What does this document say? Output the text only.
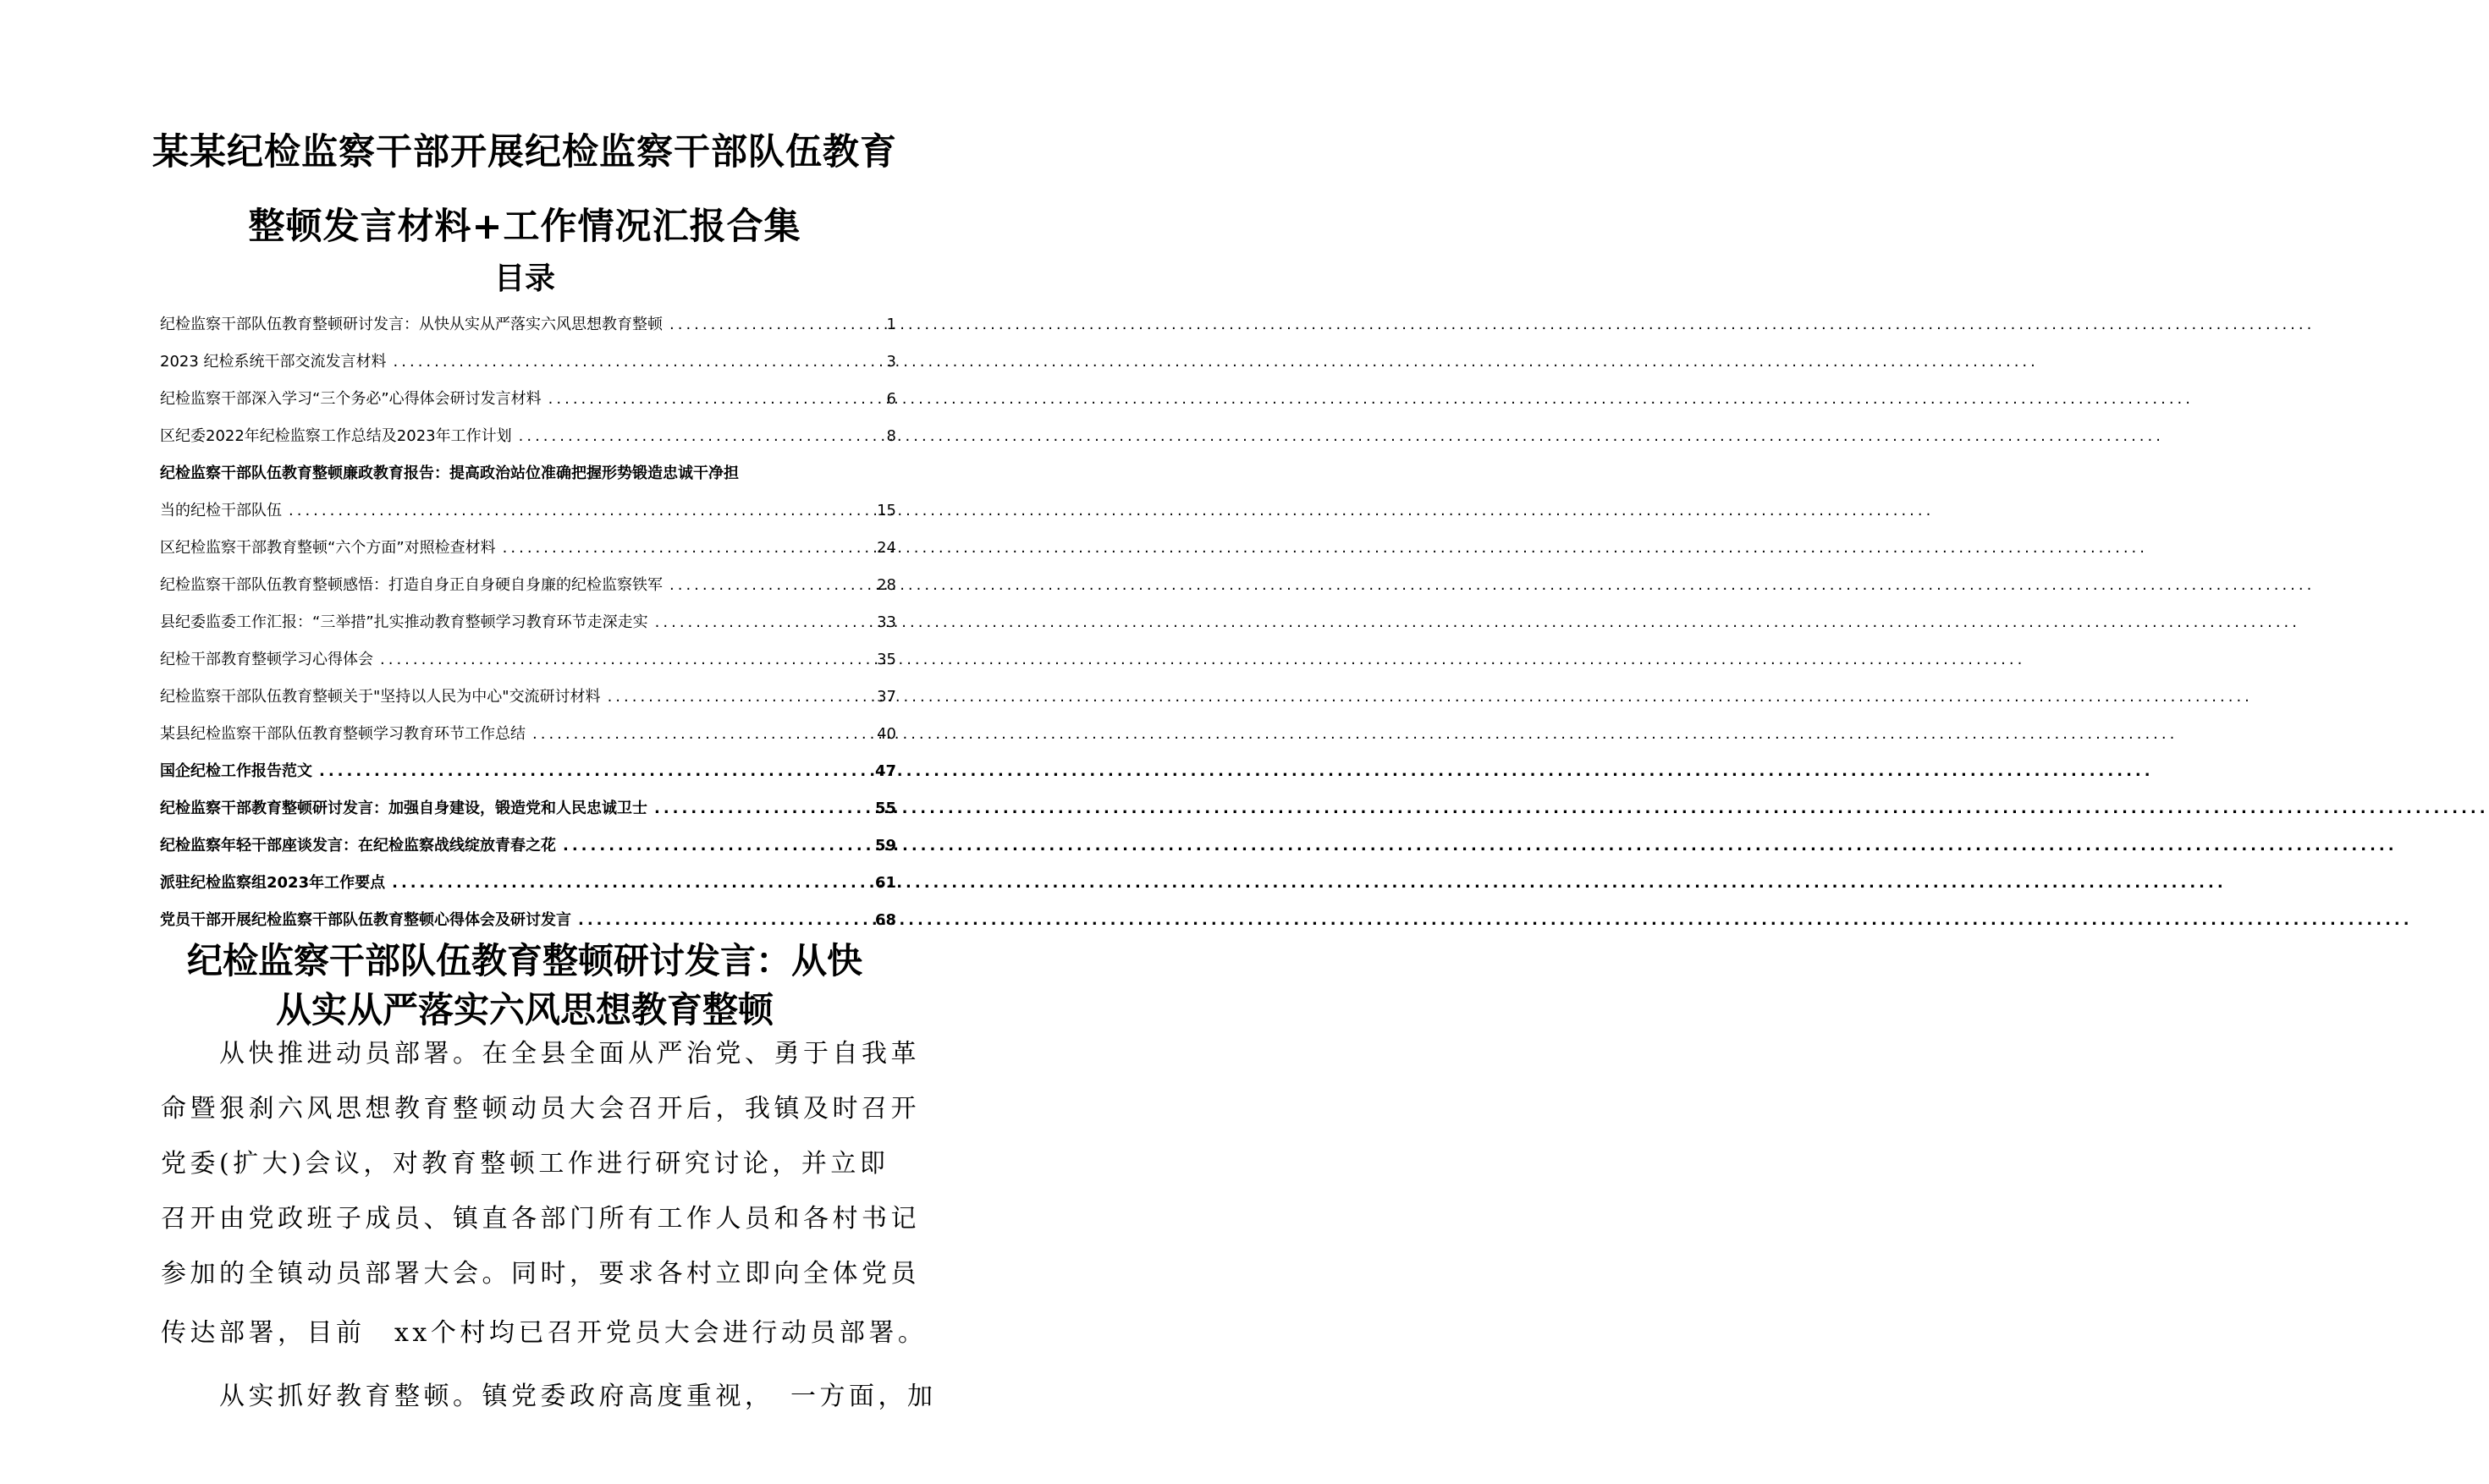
某某纪检监察干部开展纪检监察干部队伍教育
整顿发言材料+工作情况汇报合集
目录
纪检监察干部队伍教育整顿研讨发言：从快从实从严落实六风思想教育整顿 .....	1
2023 纪检系统干部交流发言材料 .....	3
纪检监察干部深入学习“三个务必”心得体会研讨发言材料 .....	6
区纪委2022年纪检监察工作总结及2023年工作计划 .....	8
纪检监察干部队伍教育整顿廉政教育报告：提高政治站位准确把握形势锻造忠诚干净担
当的纪检干部队伍 .....	15
区纪检监察干部教育整顿“六个方面”对照检查材料 .....	24
纪检监察干部队伍教育整顿感悟：打造自身正自身硬自身廉的纪检监察铁军 .....	28
县纪委监委工作汇报：“三举措”扎实推动教育整顿学习教育环节走深走实 .....	33
纪检干部教育整顿学习心得体会 .....	35
纪检监察干部队伍教育整顿关于"坚持以人民为中心"交流研讨材料 .....	37
某县纪检监察干部队伍教育整顿学习教育环节工作总结 .....	40
国企纪检工作报告范文 .....	47
纪检监察干部教育整顿研讨发言：加强自身建设，锻造党和人民忠诚卫士 .....	55
纪检监察年轻干部座谈发言：在纪检监察战线绽放青春之花 .....	59
派驻纪检监察组2023年工作要点 .....	61
党员干部开展纪检监察干部队伍教育整顿心得体会及研讨发言 .....	68
纪检监察干部队伍教育整顿研讨发言：从快
从实从严落实六风思想教育整顿
　　从快推进动员部署。在全县全面从严治党、勇于自我革
命暨狠刹六风思想教育整顿动员大会召开后，我镇及时召开
党委(扩大)会议，对教育整顿工作进行研究讨论，并立即
召开由党政班子成员、镇直各部门所有工作人员和各村书记
参加的全镇动员部署大会。同时，要求各村立即向全体党员
传达部署，目前　xx个村均已召开党员大会进行动员部署。
　　从实抓好教育整顿。镇党委政府高度重视，　一方面，加
